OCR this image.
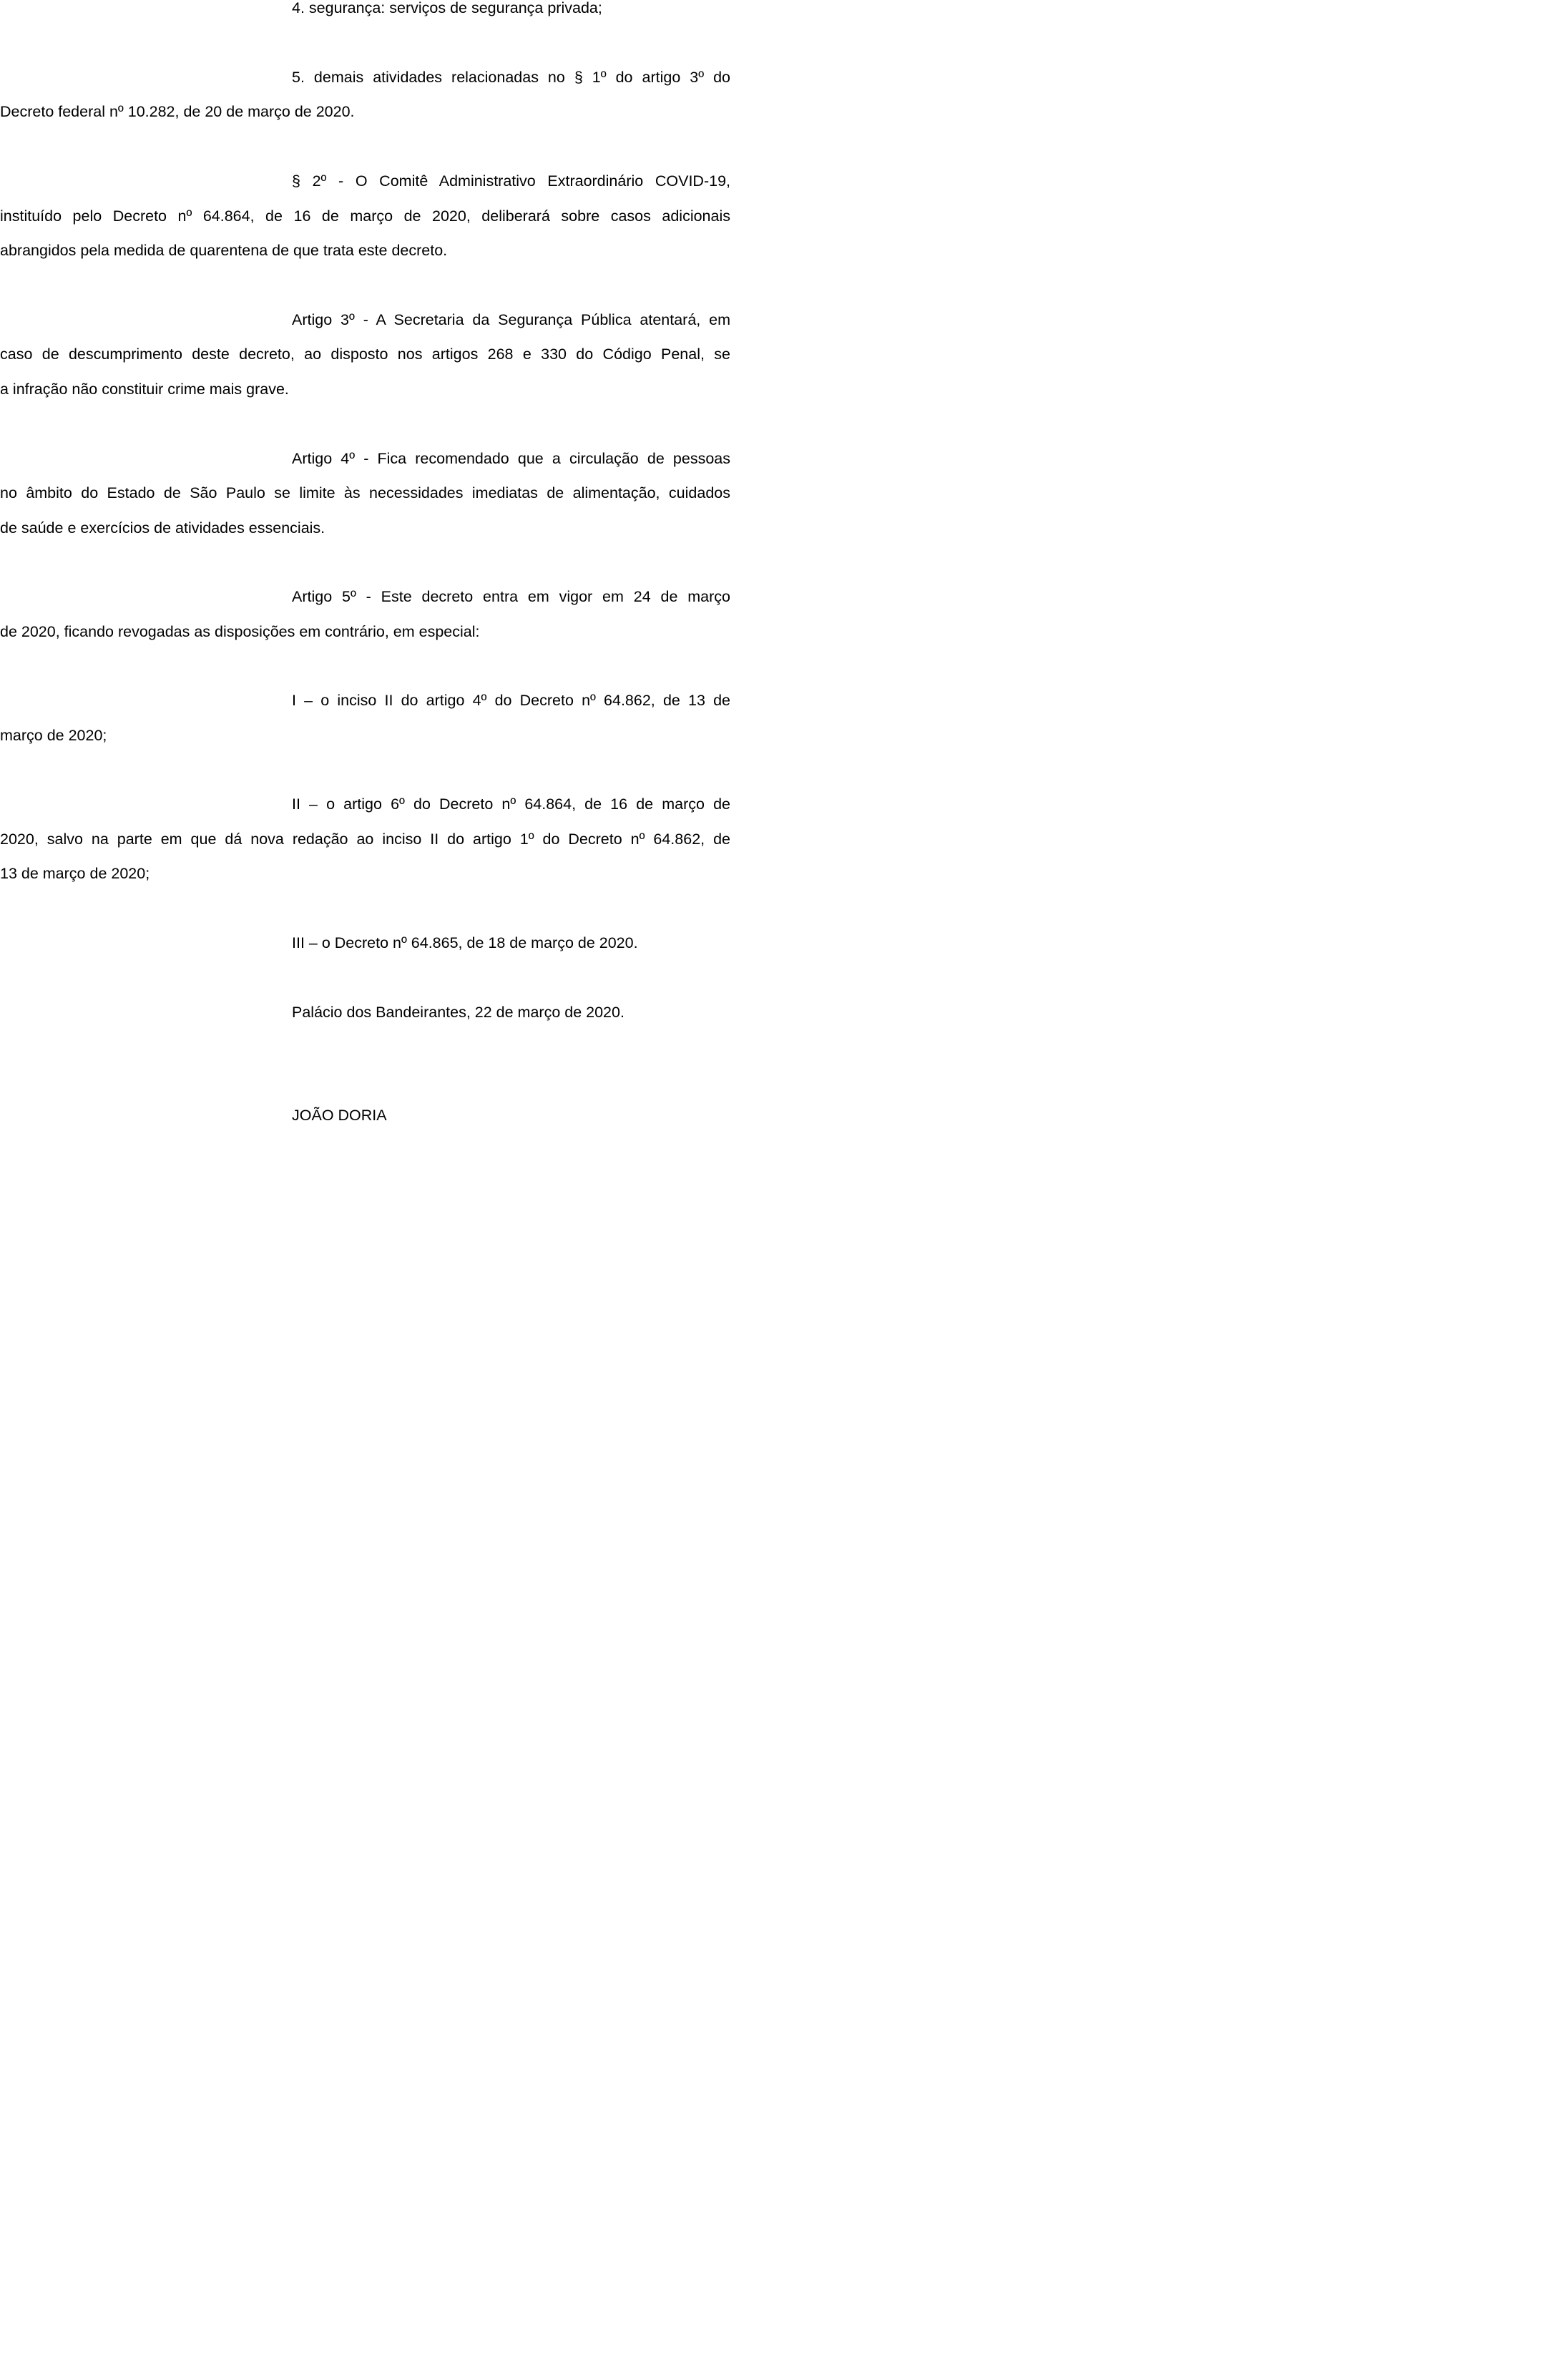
4. segurança: serviços de segurança privada;
5. demais atividades relacionadas no § 1º do artigo 3º do
Decreto federal nº 10.282, de 20 de março de 2020.
§ 2º - O Comitê Administrativo Extraordinário COVID-19,
instituído pelo Decreto nº 64.864, de 16 de março de 2020, deliberará sobre casos adicionais
abrangidos pela medida de quarentena de que trata este decreto.
Artigo 3º - A Secretaria da Segurança Pública atentará, em
caso de descumprimento deste decreto, ao disposto nos artigos 268 e 330 do Código Penal, se
a infração não constituir crime mais grave.
Artigo 4º - Fica recomendado que a circulação de pessoas
no âmbito do Estado de São Paulo se limite às necessidades imediatas de alimentação, cuidados
de saúde e exercícios de atividades essenciais.
Artigo 5º - Este decreto entra em vigor em 24 de março
de 2020, ficando revogadas as disposições em contrário, em especial:
I – o inciso II do artigo 4º do Decreto nº 64.862, de 13 de
março de 2020;
II – o artigo 6º do Decreto nº 64.864, de 16 de março de
2020, salvo na parte em que dá nova redação ao inciso II do artigo 1º do Decreto nº 64.862, de
13 de março de 2020;
III – o Decreto nº 64.865, de 18 de março de 2020.
Palácio dos Bandeirantes, 22 de março de 2020.
JOÃO DORIA
